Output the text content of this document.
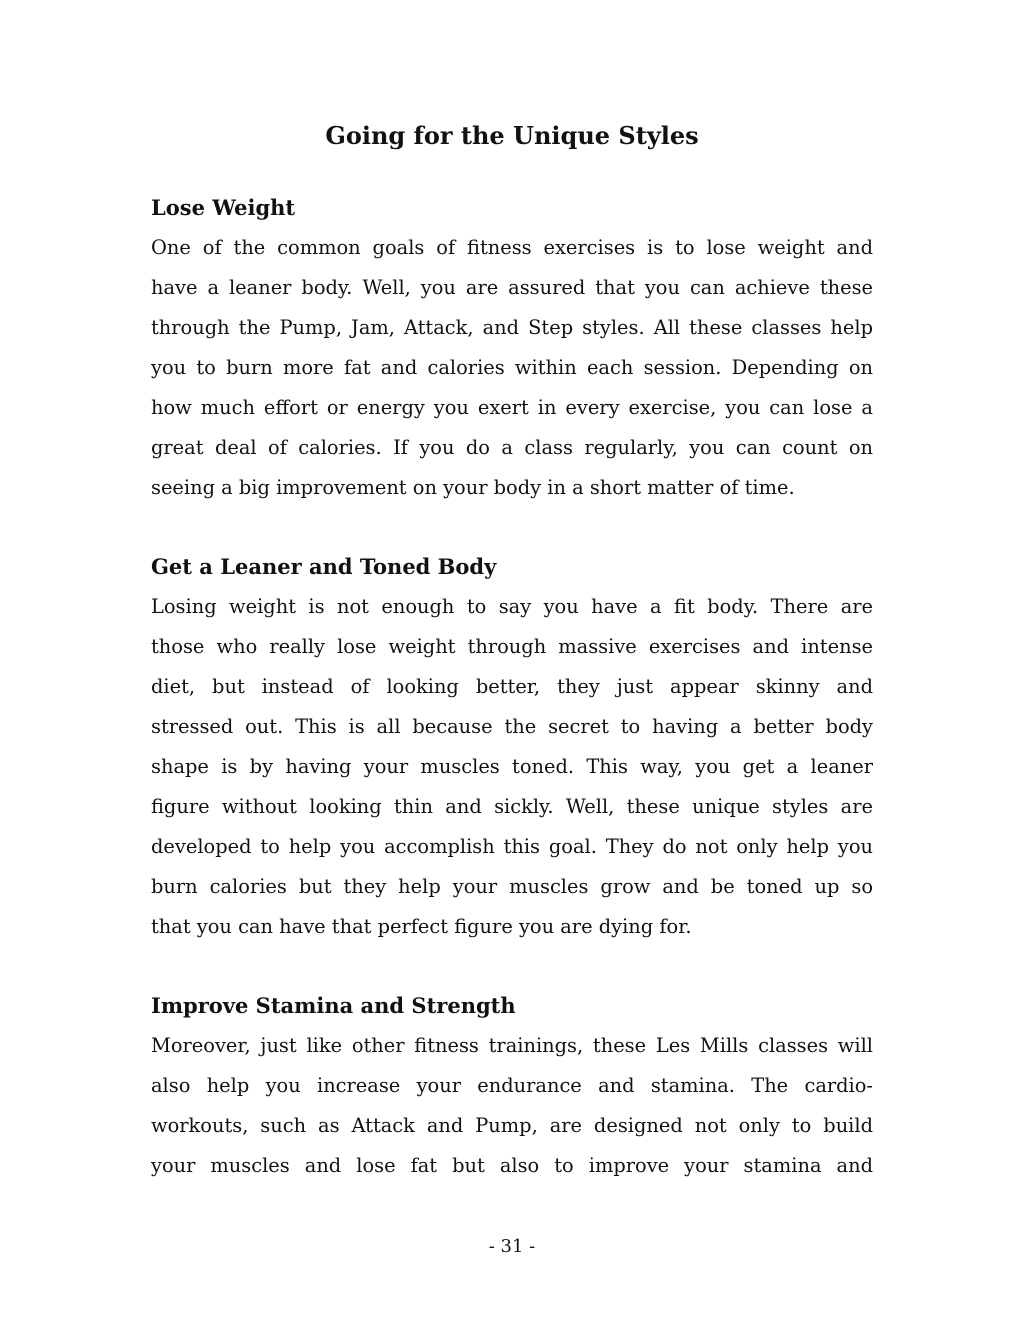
Going for the Unique Styles
Lose Weight
One of the common goals of fitness exercises is to lose weight and
have a leaner body. Well, you are assured that you can achieve these
through the Pump, Jam, Attack, and Step styles. All these classes help
you to burn more fat and calories within each session. Depending on
how much effort or energy you exert in every exercise, you can lose a
great deal of calories. If you do a class regularly, you can count on
seeing a big improvement on your body in a short matter of time.
Get a Leaner and Toned Body
Losing weight is not enough to say you have a fit body. There are
those who really lose weight through massive exercises and intense
diet, but instead of looking better, they just appear skinny and
stressed out. This is all because the secret to having a better body
shape is by having your muscles toned. This way, you get a leaner
figure without looking thin and sickly. Well, these unique styles are
developed to help you accomplish this goal. They do not only help you
burn calories but they help your muscles grow and be toned up so
that you can have that perfect figure you are dying for.
Improve Stamina and Strength
Moreover, just like other fitness trainings, these Les Mills classes will
also help you increase your endurance and stamina. The cardio-
workouts, such as Attack and Pump, are designed not only to build
your muscles and lose fat but also to improve your stamina and
- 31 -
